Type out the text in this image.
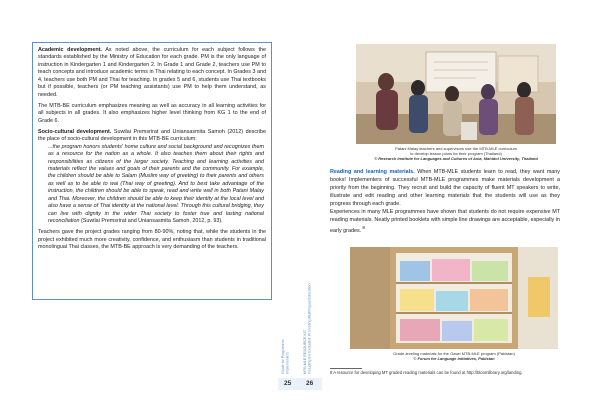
Academic development. As noted above, the curriculum for each subject follows the standards established by the Ministry of Education for each grade. PM is the only language of instruction in Kindergarten 1 and Kindergarten 2. In Grade 1 and Grade 2, teachers use PM to teach concepts and introduce academic terms in Thai relating to each concept. In Grades 3 and 4, teachers use both PM and Thai for teaching. In grades 5 and 6, students use Thai textbooks but if possible, teachers (or PM teaching assistants) use PM to help them understand, as needed.

The MTB-BE curriculum emphasizes meaning as well as accuracy in all learning activities for all subjects in all grades. It also emphasizes higher level thinking from KG 1 to the end of Grade 6.

Socio-cultural development. Suwilai Premsrirat and Uniansasmita Samoh (2012) describe the place of socio-cultural development in this MTB-BE curriculum:

...the program honors students' home culture and social background and recognizes them as a resource for the nation as a whole. It also teaches them about their rights and responsibilities as citizens of the larger society. Teaching and learning activities and materials reflect the values and goals of their parents and the community. For example, the children should be able to Salam (Muslim way of greeting) to their parents and others as well as to be able to wai (Thai way of greeting). And to best take advantage of the instruction, the children should be able to speak, read and write well in both Patani Malay and Thai. Moreover, the children should be able to keep their identity at the local level and also have a sense of Thai identity at the national level. Through this cultural bridging, they can live with dignity in the wider Thai society to foster true and lasting national reconciliation (Suwilai Premsrirat and Uniansasmita Samoh, 2012, p. 93).

Teachers gave the project grades ranging from 80-90%, noting that, while the students in the project exhibited much more creativity, confidence, and enthusiasm than students in traditional monolingual Thai classes, the MTB-BE approach is very demanding of the teachers.

Guide for Programme Implementers
25
Patani Malay teachers and supervisors use the MTB-MLE curriculum
to develop lesson plans for their program (Thailand)
© Research Institute for Languages and Cultures of Asia, Mahidol University, Thailand
Reading and learning materials. When MTB-MLE students learn to read, they want many books! Implementers of successful MTB-MLE programmes make materials development a priority from the beginning. They recruit and build the capacity of fluent MT speakers to write, illustrate and edit reading and other learning materials that the students will use as they progress through each grade.
Experiences in many MLE programmes have shown that students do not require expensive MT reading materials. Neatly printed booklets with simple line drawings are acceptable, especially in early grades. $^8$
Grade-leveling materials for the Gawri MTB-MLE program (Pakistan)
© Forum for Language Initiatives, Pakistan
MTB-MLE RESOURCE KIT Including the Excluded: Promoting Multilingual Education
26
8 A resource for developing MT graded reading materials can be found at http://bloomlibrary.org/landing.
